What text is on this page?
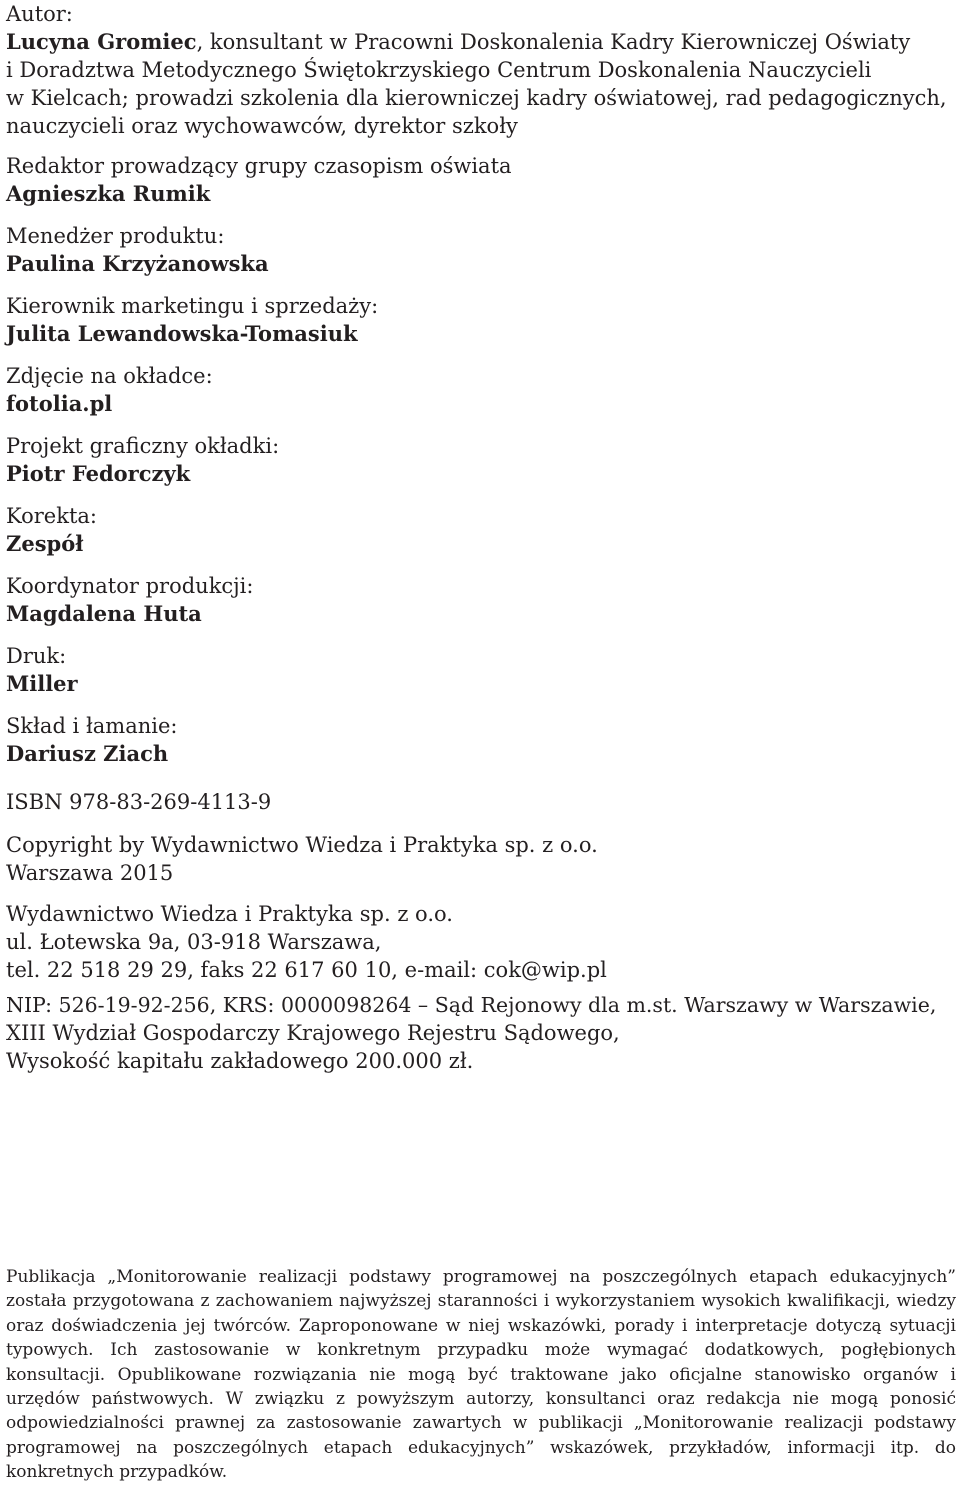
Autor:

Lucyna Gromiec, konsultant w Pracowni Doskonalenia Kadry Kierowniczej Oświaty

i Doradztwa Metodycznego Świętokrzyskiego Centrum Doskonalenia Nauczycieli

w Kielcach; prowadzi szkolenia dla kierowniczej kadry oświatowej, rad pedagogicznych,

nauczycieli oraz wychowawców, dyrektor szkoły

Redaktor prowadzący grupy czasopism oświata

Agnieszka Rumik

Menedżer produktu:

Paulina Krzyżanowska

Kierownik marketingu i sprzedaży:

Julita Lewandowska-Tomasiuk

Zdjęcie na okładce:

fotolia.pl

Projekt graficzny okładki:

Piotr Fedorczyk

Korekta:

Zespół

Koordynator produkcji:

Magdalena Huta

Druk:

Miller

Skład i łamanie:

Dariusz Ziach

ISBN 978-83-269-4113-9

Copyright by Wydawnictwo Wiedza i Praktyka sp. z o.o.

Warszawa 2015

Wydawnictwo Wiedza i Praktyka sp. z o.o.

ul. Łotewska 9a, 03-918 Warszawa,

tel. 22 518 29 29, faks 22 617 60 10, e-mail: cok@wip.pl

NIP: 526-19-92-256, KRS: 0000098264 – Sąd Rejonowy dla m.st. Warszawy w Warszawie,

XIII Wydział Gospodarczy Krajowego Rejestru Sądowego,

Wysokość kapitału zakładowego 200.000 zł.

Publikacja „Monitorowanie realizacji podstawy programowej na poszczególnych etapach edukacyjnych” została przygotowana z zachowaniem najwyższej staranności i wykorzystaniem wysokich kwalifikacji, wiedzy oraz doświadczenia jej twórców. Zaproponowane w niej wskazówki, porady i interpretacje dotyczą sytuacji typowych. Ich zastosowanie w konkretnym przypadku może wymagać dodatkowych, pogłębionych konsultacji. Opublikowane rozwiązania nie mogą być traktowane jako oficjalne stanowisko organów i urzędów państwowych. W związku z powyższym autorzy, konsultanci oraz redakcja nie mogą ponosić odpowiedzialności prawnej za zastosowanie zawartych w publikacji „Monitorowanie realizacji podstawy programowej na poszczególnych etapach edukacyjnych” wskazówek, przykładów, informacji itp. do konkretnych przypadków.
